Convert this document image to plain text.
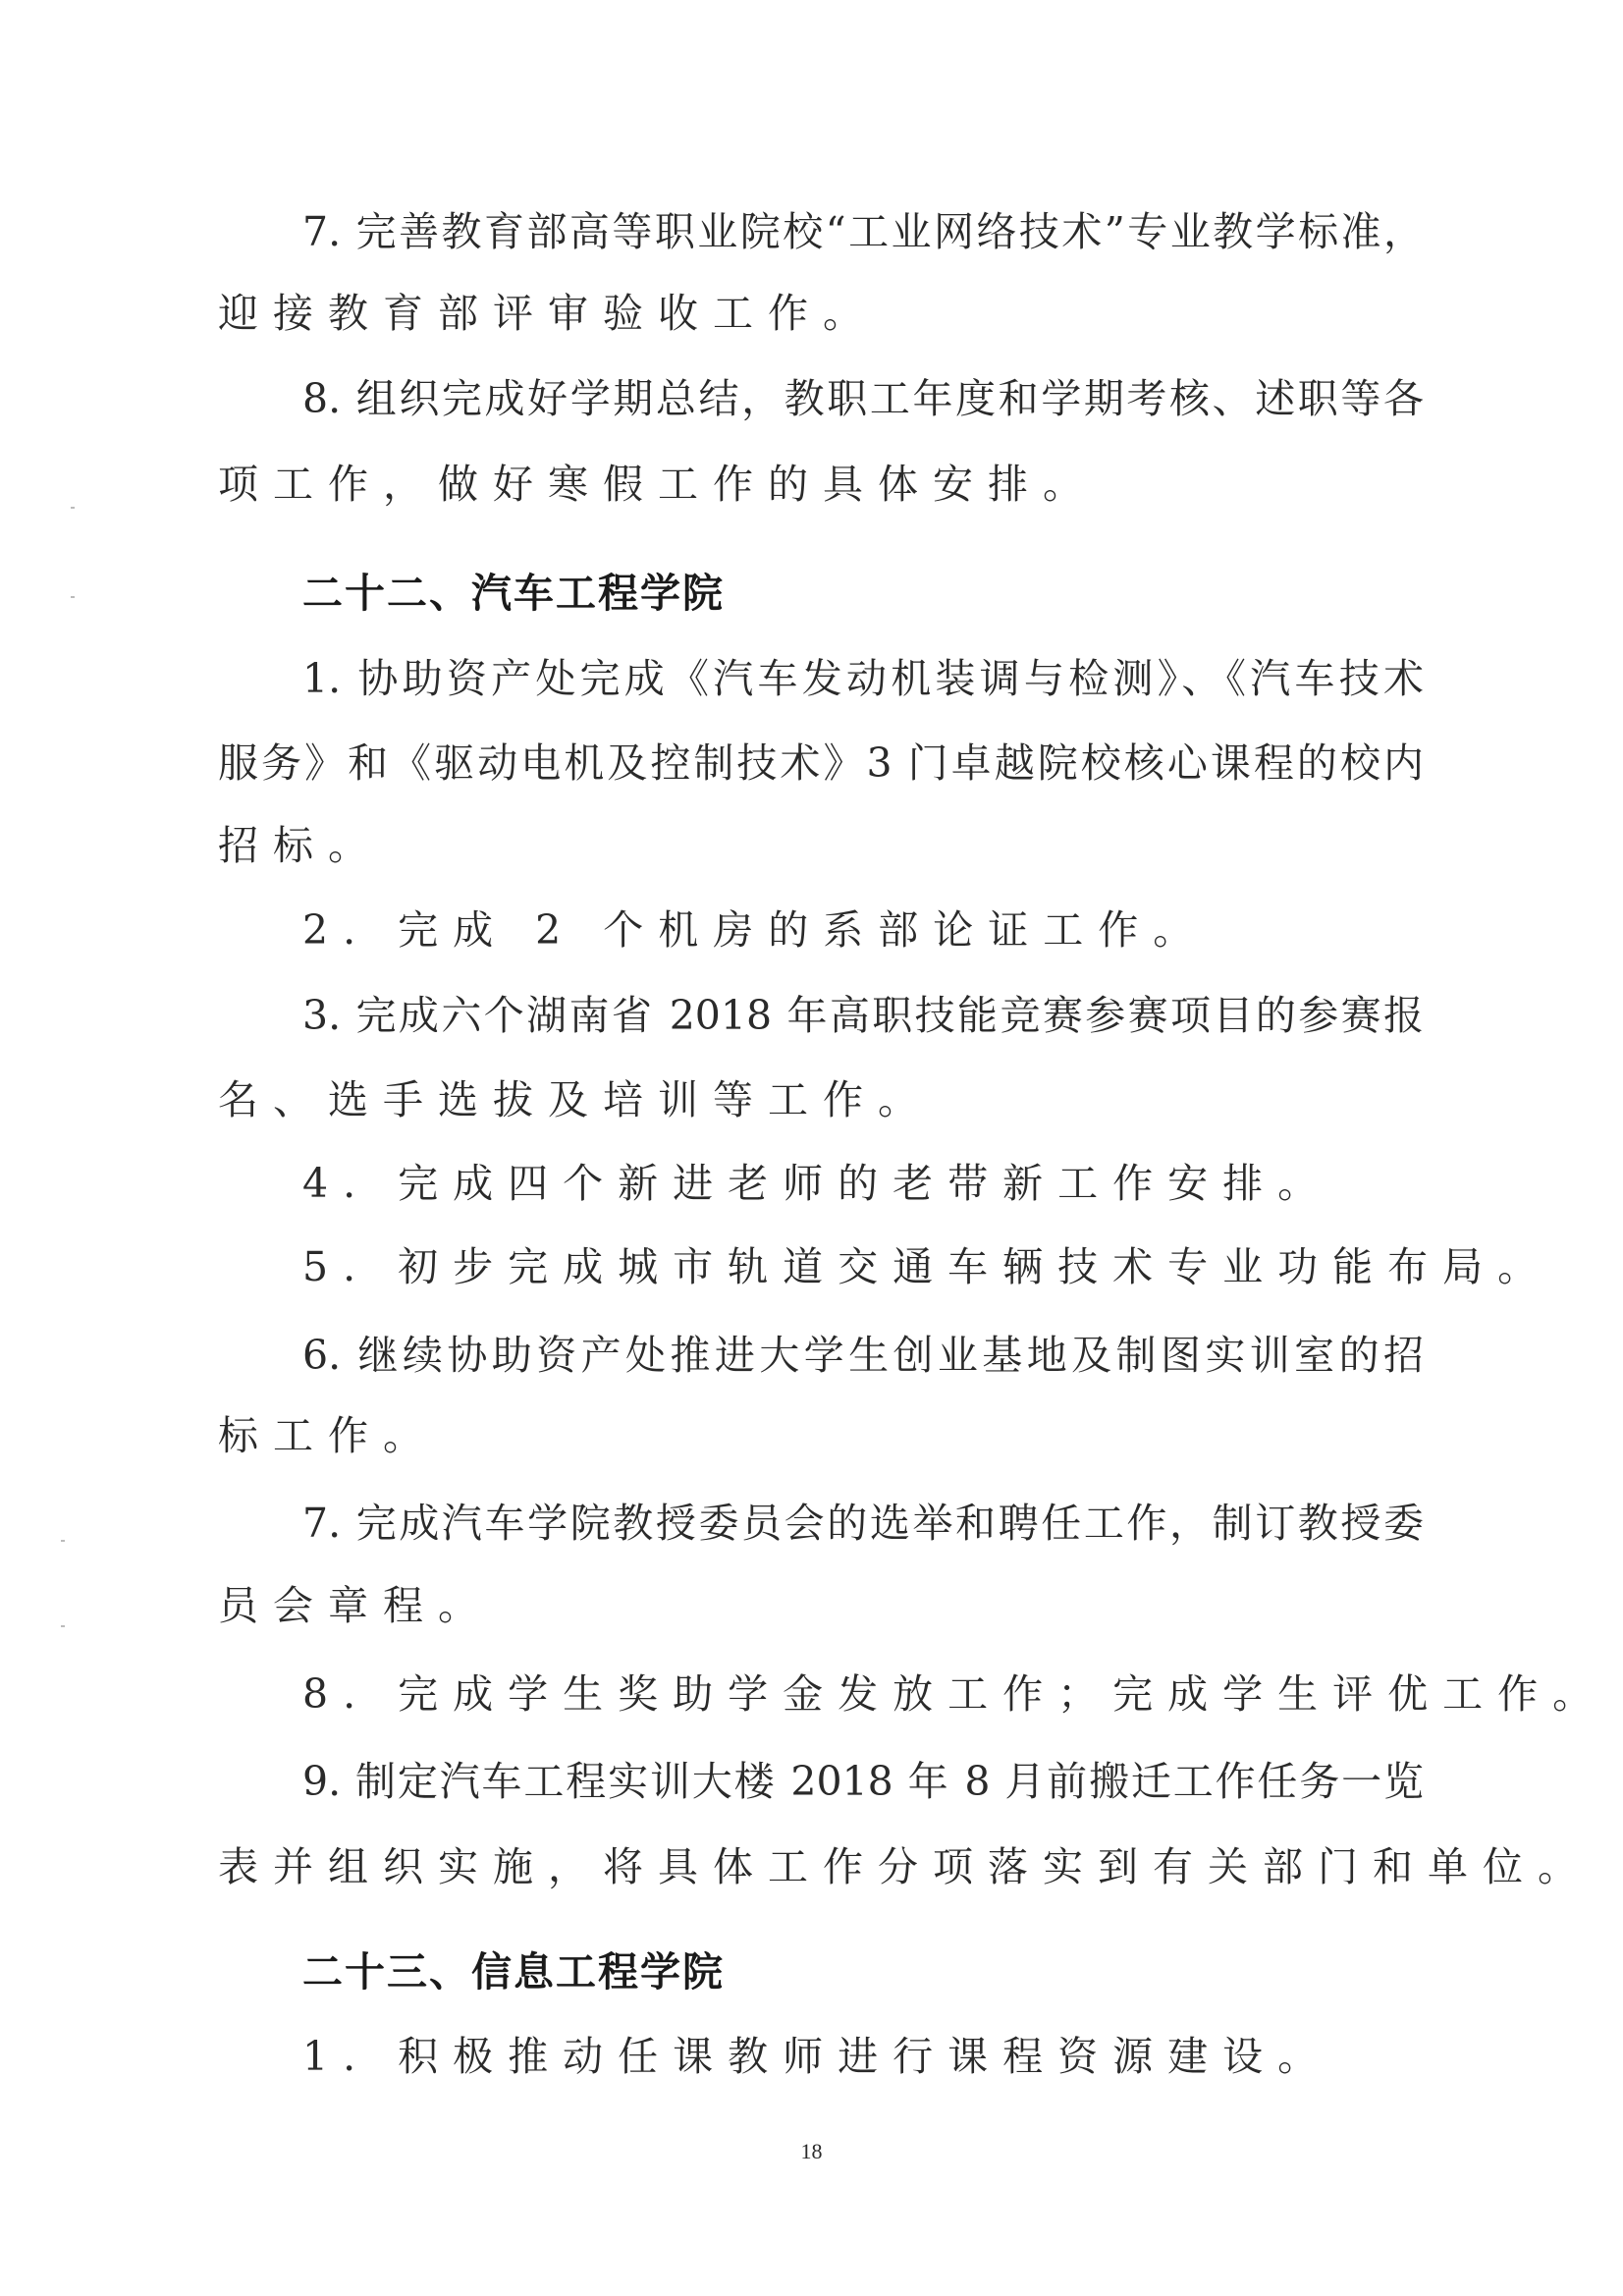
7. 完善教育部高等职业院校“工业网络技术”专业教学标准，
迎接教育部评审验收工作。
8. 组织完成好学期总结，教职工年度和学期考核、述职等各
项工作，做好寒假工作的具体安排。
二十二、汽车工程学院
1. 协助资产处完成《汽车发动机装调与检测》、《汽车技术
服务》和《驱动电机及控制技术》3 门卓越院校核心课程的校内
招标。
2. 完成 2 个机房的系部论证工作。
3. 完成六个湖南省 2018 年高职技能竞赛参赛项目的参赛报
名、选手选拔及培训等工作。
4. 完成四个新进老师的老带新工作安排。
5. 初步完成城市轨道交通车辆技术专业功能布局。
6. 继续协助资产处推进大学生创业基地及制图实训室的招
标工作。
7. 完成汽车学院教授委员会的选举和聘任工作，制订教授委
员会章程。
8. 完成学生奖助学金发放工作；完成学生评优工作。
9. 制定汽车工程实训大楼 2018 年 8 月前搬迁工作任务一览
表并组织实施，将具体工作分项落实到有关部门和单位。
二十三、信息工程学院
1. 积极推动任课教师进行课程资源建设。
18
